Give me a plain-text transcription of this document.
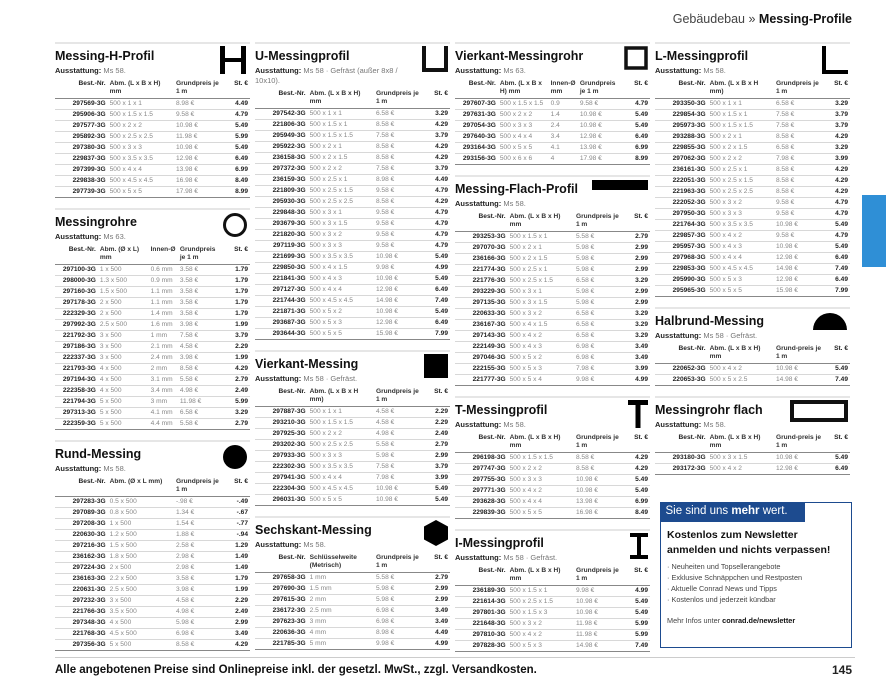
Gebäudebau » Messing-Profile
Messing-H-Profil
Ausstattung: Ms 58.
Best.-Nr.	Abm. (L x B x H) mm	Grundpreis je 1 m	St. €
297569-3G	500 x 1 x 1	8.98 €	4.49
295906-3G	500 x 1.5 x 1.5	9.58 €	4.79
297577-3G	500 x 2 x 2	10.98 €	5.49
295892-3G	500 x 2.5 x 2.5	11.98 €	5.99
297380-3G	500 x 3 x 3	10.98 €	5.49
229837-3G	500 x 3.5 x 3.5	12.98 €	6.49
297399-3G	500 x 4 x 4	13.98 €	6.99
229838-3G	500 x 4.5 x 4.5	16.98 €	8.49
297739-3G	500 x 5 x 5	17.98 €	8.99
Messingrohre
Ausstattung: Ms 63.
Best.-Nr.	Abm. (Ø x L) mm	Innen-Ø	Grundpreis je 1 m	St. €
297100-3G	1 x 500	0.6 mm	3.58 €	1.79
298000-3G	1.3 x 500	0.9 mm	3.58 €	1.79
297160-3G	1.5 x 500	1.1 mm	3.58 €	1.79
297178-3G	2 x 500	1.1 mm	3.58 €	1.79
222329-3G	2 x 500	1.4 mm	3.58 €	1.79
297992-3G	2.5 x 500	1.6 mm	3.98 €	1.99
221792-3G	3 x 500	1 mm	7.58 €	3.79
297186-3G	3 x 500	2.1 mm	4.58 €	2.29
222337-3G	3 x 500	2.4 mm	3.98 €	1.99
221793-3G	4 x 500	2 mm	8.58 €	4.29
297194-3G	4 x 500	3.1 mm	5.58 €	2.79
222358-3G	4 x 500	3.4 mm	4.98 €	2.49
221794-3G	5 x 500	3 mm	11.98 €	5.99
297313-3G	5 x 500	4.1 mm	6.58 €	3.29
222359-3G	5 x 500	4.4 mm	5.58 €	2.79
Rund-Messing
Ausstattung: Ms 58.
Best.-Nr.	Abm. (Ø x L mm)	Grundpreis je 1 m	St. €
297283-3G	0.5 x 500	-.98 €	-.49
297089-3G	0.8 x 500	1.34 €	-.67
297208-3G	1 x 500	1.54 €	-.77
220630-3G	1.2 x 500	1.88 €	-.94
297216-3G	1.5 x 500	2.58 €	1.29
236162-3G	1.8 x 500	2.98 €	1.49
297224-3G	2 x 500	2.98 €	1.49
236163-3G	2.2 x 500	3.58 €	1.79
220631-3G	2.5 x 500	3.98 €	1.99
297232-3G	3 x 500	4.58 €	2.29
221766-3G	3.5 x 500	4.98 €	2.49
297348-3G	4 x 500	5.98 €	2.99
221768-3G	4.5 x 500	6.98 €	3.49
297356-3G	5 x 500	8.58 €	4.29
U-Messingprofil
Ausstattung: Ms 58 · Gefräst (außer 8x8 / 10x10).
Best.-Nr.	Abm. (L x B x H) mm	Grundpreis je 1 m	St. €
297542-3G	500 x 1 x 1	6.58 €	3.29
221806-3G	500 x 1.5 x 1	8.58 €	4.29
295949-3G	500 x 1.5 x 1.5	7.58 €	3.79
295922-3G	500 x 2 x 1	8.58 €	4.29
236158-3G	500 x 2 x 1.5	8.58 €	4.29
297372-3G	500 x 2 x 2	7.58 €	3.79
236159-3G	500 x 2.5 x 1	8.98 €	4.49
221809-3G	500 x 2.5 x 1.5	9.58 €	4.79
295930-3G	500 x 2.5 x 2.5	8.58 €	4.29
229848-3G	500 x 3 x 1	9.58 €	4.79
293679-3G	500 x 3 x 1.5	9.58 €	4.79
221820-3G	500 x 3 x 2	9.58 €	4.79
297119-3G	500 x 3 x 3	9.58 €	4.79
221699-3G	500 x 3.5 x 3.5	10.98 €	5.49
229850-3G	500 x 4 x 1.5	9.98 €	4.99
221841-3G	500 x 4 x 3	10.98 €	5.49
297127-3G	500 x 4 x 4	12.98 €	6.49
221744-3G	500 x 4.5 x 4.5	14.98 €	7.49
221871-3G	500 x 5 x 2	10.98 €	5.49
293687-3G	500 x 5 x 3	12.98 €	6.49
293644-3G	500 x 5 x 5	15.98 €	7.99
Vierkant-Messing
Ausstattung: Ms 58 · Gefräst.
Best.-Nr.	Abm. (L x B x H mm)	Grundpreis je 1 m	St. €
297887-3G	500 x 1 x 1	4.58 €	2.29
293210-3G	500 x 1.5 x 1.5	4.58 €	2.29
297925-3G	500 x 2 x 2	4.98 €	2.49
293202-3G	500 x 2.5 x 2.5	5.58 €	2.79
297933-3G	500 x 3 x 3	5.98 €	2.99
222302-3G	500 x 3.5 x 3.5	7.58 €	3.79
297941-3G	500 x 4 x 4	7.98 €	3.99
222304-3G	500 x 4.5 x 4.5	10.98 €	5.49
296031-3G	500 x 5 x 5	10.98 €	5.49
Sechskant-Messing
Ausstattung: Ms 58.
Best.-Nr.	Schlüsselweite (Metrisch)	Grundpreis je 1 m	St. €
297658-3G	1 mm	5.58 €	2.79
297690-3G	1.5 mm	5.98 €	2.99
297615-3G	2 mm	5.98 €	2.99
236172-3G	2.5 mm	6.98 €	3.49
297623-3G	3 mm	6.98 €	3.49
220636-3G	4 mm	8.98 €	4.49
221785-3G	5 mm	9.98 €	4.99
Vierkant-Messingrohr
Ausstattung: Ms 63.
Best.-Nr.	Abm. (L x B x H) mm	Innen-Ø mm	Grundpreis je 1 m	St. €
297607-3G	500 x 1.5 x 1.5	0.9	9.58 €	4.79
297631-3G	500 x 2 x 2	1.4	10.98 €	5.49
297054-3G	500 x 3 x 3	2.4	10.98 €	5.49
297640-3G	500 x 4 x 4	3.4	12.98 €	6.49
293164-3G	500 x 5 x 5	4.1	13.98 €	6.99
293156-3G	500 x 6 x 6	4	17.98 €	8.99
Messing-Flach-Profil
Ausstattung: Ms 58.
Best.-Nr.	Abm. (L x B x H) mm	Grundpreis je 1 m	St. €
293253-3G	500 x 1.5 x 1	5.58 €	2.79
297070-3G	500 x 2 x 1	5.98 €	2.99
236166-3G	500 x 2 x 1.5	5.98 €	2.99
221774-3G	500 x 2.5 x 1	5.98 €	2.99
221776-3G	500 x 2.5 x 1.5	6.58 €	3.29
293229-3G	500 x 3 x 1	5.98 €	2.99
297135-3G	500 x 3 x 1.5	5.98 €	2.99
220633-3G	500 x 3 x 2	6.58 €	3.29
236167-3G	500 x 4 x 1.5	6.58 €	3.29
297143-3G	500 x 4 x 2	6.58 €	3.29
222149-3G	500 x 4 x 3	6.98 €	3.49
297046-3G	500 x 5 x 2	6.98 €	3.49
222155-3G	500 x 5 x 3	7.98 €	3.99
221777-3G	500 x 5 x 4	9.98 €	4.99
T-Messingprofil
Ausstattung: Ms 58.
Best.-Nr.	Abm. (L x B x H) mm	Grundpreis je 1 m	St. €
296198-3G	500 x 1.5 x 1.5	8.58 €	4.29
297747-3G	500 x 2 x 2	8.58 €	4.29
297755-3G	500 x 3 x 3	10.98 €	5.49
297771-3G	500 x 4 x 2	10.98 €	5.49
293628-3G	500 x 4 x 4	13.98 €	6.99
229839-3G	500 x 5 x 5	16.98 €	8.49
I-Messingprofil
Ausstattung: Ms 58 · Gefräst.
Best.-Nr.	Abm. (L x B x H) mm	Grundpreis je 1 m	St. €
236189-3G	500 x 1.5 x 1	9.98 €	4.99
221614-3G	500 x 2.5 x 1.5	10.98 €	5.49
297801-3G	500 x 1.5 x 3	10.98 €	5.49
221648-3G	500 x 3 x 2	11.98 €	5.99
297810-3G	500 x 4 x 2	11.98 €	5.99
297828-3G	500 x 5 x 3	14.98 €	7.49
L-Messingprofil
Ausstattung: Ms 58.
Best.-Nr.	Abm. (L x B x H mm)	Grundpreis je 1 m	St. €
293350-3G	500 x 1 x 1	6.58 €	3.29
229854-3G	500 x 1.5 x 1	7.58 €	3.79
295973-3G	500 x 1.5 x 1.5	7.58 €	3.79
293288-3G	500 x 2 x 1	8.58 €	4.29
229855-3G	500 x 2 x 1.5	6.58 €	3.29
297062-3G	500 x 2 x 2	7.98 €	3.99
236161-3G	500 x 2.5 x 1	8.58 €	4.29
222051-3G	500 x 2.5 x 1.5	8.58 €	4.29
221963-3G	500 x 2.5 x 2.5	8.58 €	4.29
222052-3G	500 x 3 x 2	9.58 €	4.79
297950-3G	500 x 3 x 3	9.58 €	4.79
221764-3G	500 x 3.5 x 3.5	10.98 €	5.49
229857-3G	500 x 4 x 2	9.58 €	4.79
295957-3G	500 x 4 x 3	10.98 €	5.49
297968-3G	500 x 4 x 4	12.98 €	6.49
229853-3G	500 x 4.5 x 4.5	14.98 €	7.49
295990-3G	500 x 5 x 3	12.98 €	6.49
295965-3G	500 x 5 x 5	15.98 €	7.99
Halbrund-Messing
Ausstattung: Ms 58 · Gefräst.
Best.-Nr.	Abm. (L x B x H) mm	Grund-preis je 1 m	St. €
220652-3G	500 x 4 x 2	10.98 €	5.49
220653-3G	500 x 5 x 2.5	14.98 €	7.49
Messingrohr flach
Ausstattung: Ms 58.
Best.-Nr.	Abm. (L x B x H) mm	Grund-preis je 1 m	St. €
293180-3G	500 x 3 x 1.5	10.98 €	5.49
293172-3G	500 x 4 x 2	12.98 €	6.49
Sie sind uns mehr wert.
Kostenlos zum Newsletter anmelden und nichts verpassen!
· Neuheiten und Topsellerangebote
· Exklusive Schnäppchen und Restposten
· Aktuelle Conrad News und Tipps
· Kostenlos und jederzeit kündbar
Mehr Infos unter conrad.de/newsletter
Alle angebotenen Preise sind Onlinepreise inkl. der gesetzl. MwSt., zzgl. Versandkosten.	145
